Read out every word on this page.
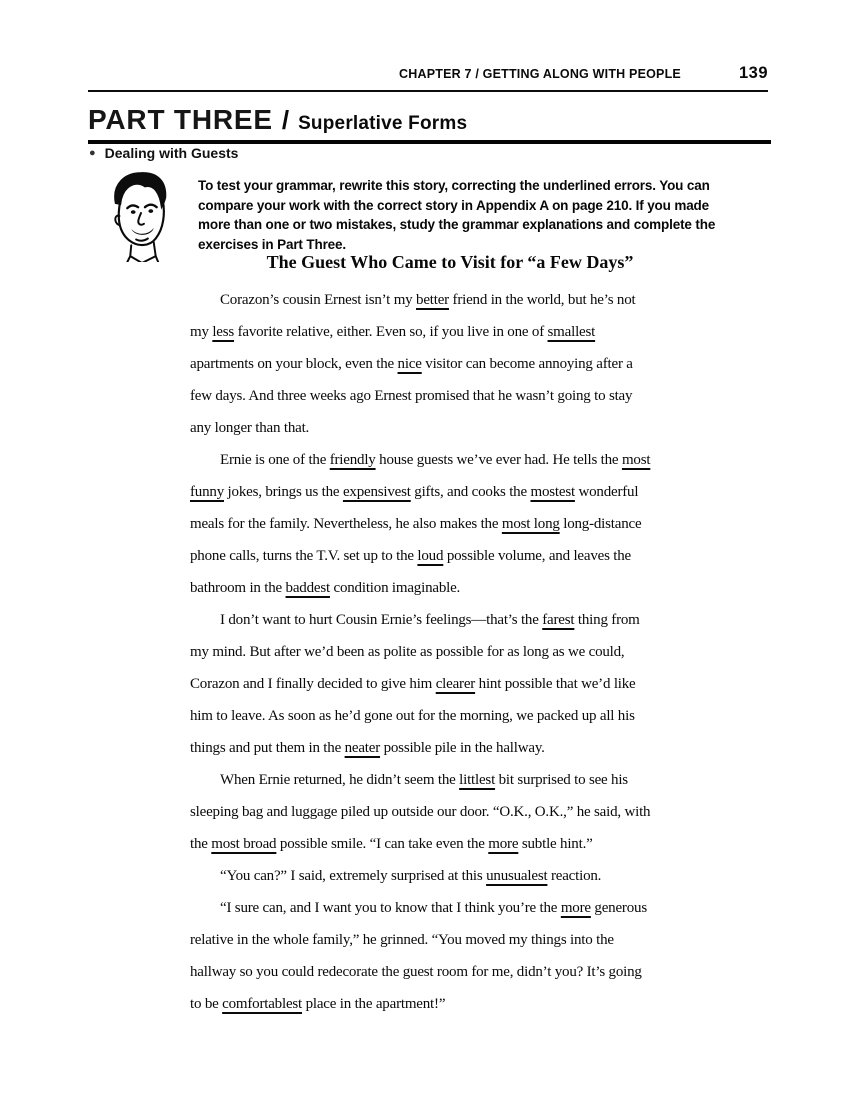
CHAPTER 7 / GETTING ALONG WITH PEOPLE	139
PART THREE / Superlative Forms
● Dealing with Guests
To test your grammar, rewrite this story, correcting the underlined errors. You can
compare your work with the correct story in Appendix A on page 210. If you made
more than one or two mistakes, study the grammar explanations and complete the
exercises in Part Three.
The Guest Who Came to Visit for “a Few Days”
Corazon’s cousin Ernest isn’t my better friend in the world, but he’s not
my less favorite relative, either. Even so, if you live in one of smallest
apartments on your block, even the nice visitor can become annoying after a
few days. And three weeks ago Ernest promised that he wasn’t going to stay
any longer than that.
Ernie is one of the friendly house guests we’ve ever had. He tells the most
funny jokes, brings us the expensivest gifts, and cooks the mostest wonderful
meals for the family. Nevertheless, he also makes the most long long-distance
phone calls, turns the T.V. set up to the loud possible volume, and leaves the
bathroom in the baddest condition imaginable.
I don’t want to hurt Cousin Ernie’s feelings—that’s the farest thing from
my mind. But after we’d been as polite as possible for as long as we could,
Corazon and I finally decided to give him clearer hint possible that we’d like
him to leave. As soon as he’d gone out for the morning, we packed up all his
things and put them in the neater possible pile in the hallway.
When Ernie returned, he didn’t seem the littlest bit surprised to see his
sleeping bag and luggage piled up outside our door. “O.K., O.K.,” he said, with
the most broad possible smile. “I can take even the more subtle hint.”
“You can?” I said, extremely surprised at this unusualest reaction.
“I sure can, and I want you to know that I think you’re the more generous
relative in the whole family,” he grinned. “You moved my things into the
hallway so you could redecorate the guest room for me, didn’t you? It’s going
to be comfortablest place in the apartment!”
